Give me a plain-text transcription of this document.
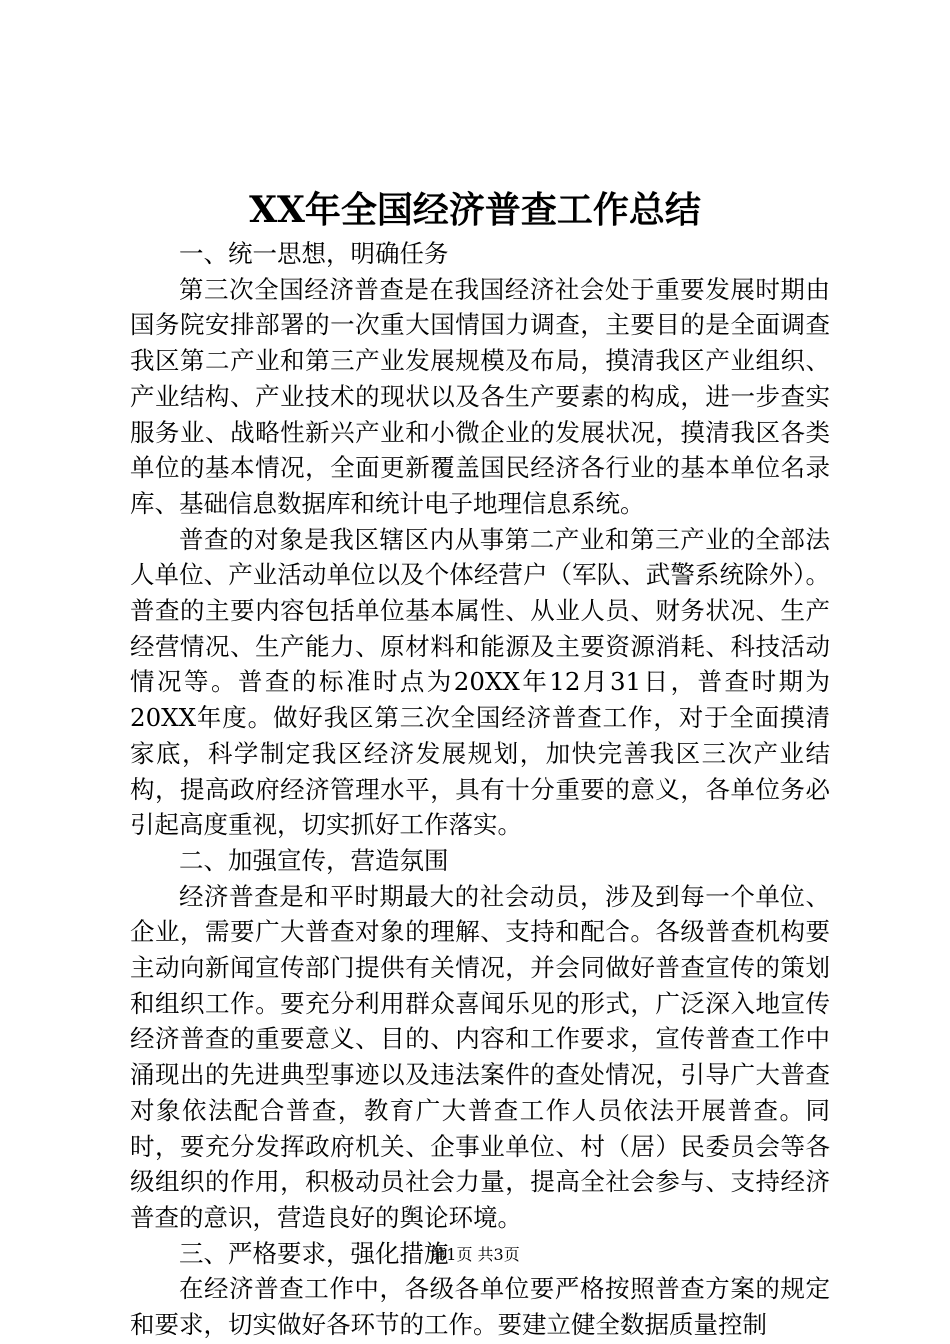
XX年全国经济普查工作总结

一、统一思想，明确任务

第三次全国经济普查是在我国经济社会处于重要发展时期由国务院安排部署的一次重大国情国力调查，主要目的是全面调查我区第二产业和第三产业发展规模及布局，摸清我区产业组织、产业结构、产业技术的现状以及各生产要素的构成，进一步查实服务业、战略性新兴产业和小微企业的发展状况，摸清我区各类单位的基本情况，全面更新覆盖国民经济各行业的基本单位名录库、基础信息数据库和统计电子地理信息系统。

普查的对象是我区辖区内从事第二产业和第三产业的全部法人单位、产业活动单位以及个体经营户（军队、武警系统除外）。普查的主要内容包括单位基本属性、从业人员、财务状况、生产经营情况、生产能力、原材料和能源及主要资源消耗、科技活动情况等。普查的标准时点为20XX年12月31日，普查时期为20XX年度。做好我区第三次全国经济普查工作，对于全面摸清家底，科学制定我区经济发展规划，加快完善我区三次产业结构，提高政府经济管理水平，具有十分重要的意义，各单位务必引起高度重视，切实抓好工作落实。

二、加强宣传，营造氛围

经济普查是和平时期最大的社会动员，涉及到每一个单位、企业，需要广大普查对象的理解、支持和配合。各级普查机构要主动向新闻宣传部门提供有关情况，并会同做好普查宣传的策划和组织工作。要充分利用群众喜闻乐见的形式，广泛深入地宣传经济普查的重要意义、目的、内容和工作要求，宣传普查工作中涌现出的先进典型事迹以及违法案件的查处情况，引导广大普查对象依法配合普查，教育广大普查工作人员依法开展普查。同时，要充分发挥政府机关、企事业单位、村（居）民委员会等各级组织的作用，积极动员社会力量，提高全社会参与、支持经济普查的意识，营造良好的舆论环境。

三、严格要求，强化措施

在经济普查工作中，各级各单位要严格按照普查方案的规定和要求，切实做好各环节的工作。要建立健全数据质量控制

第1页 共3页
